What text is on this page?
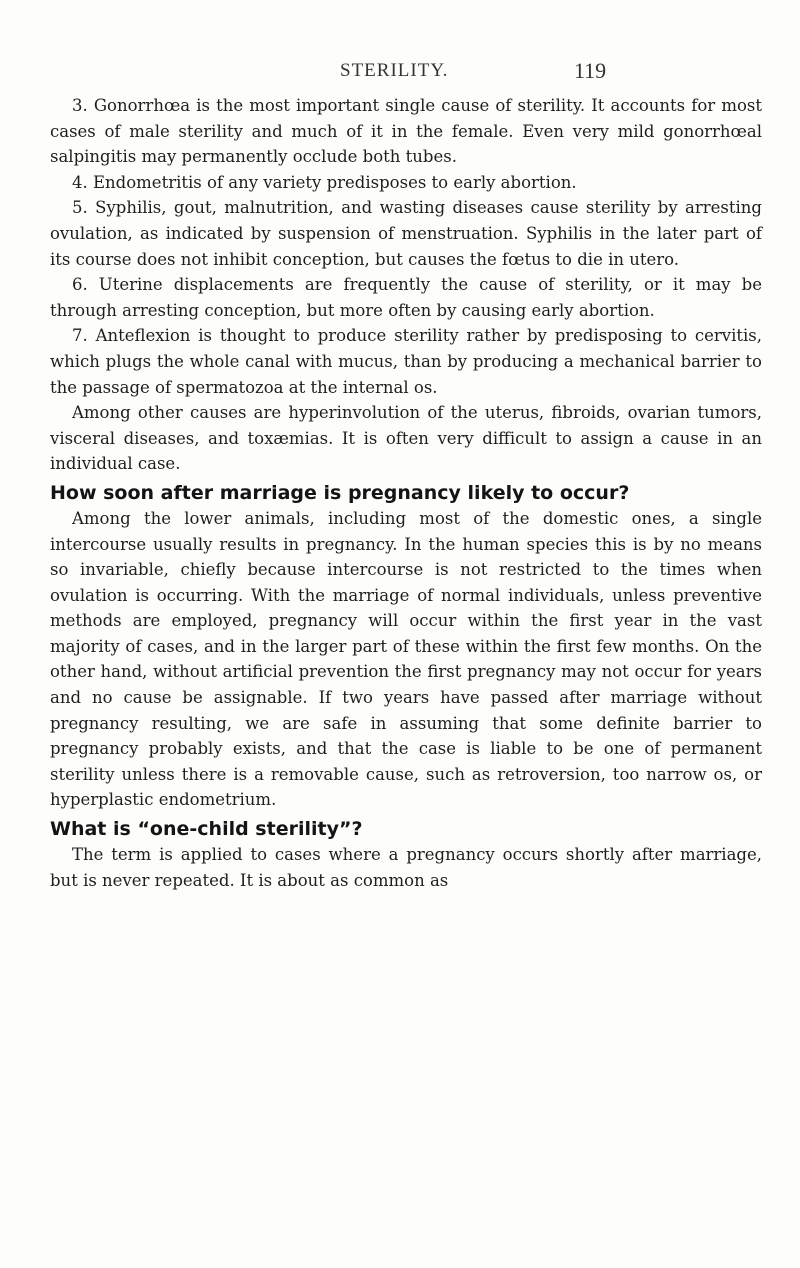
STERILITY.	119

3. Gonorrhœa is the most important single cause of sterility. It accounts for most cases of male sterility and much of it in the female. Even very mild gonorrhœal salpingitis may permanently occlude both tubes.

4. Endometritis of any variety predisposes to early abortion.

5. Syphilis, gout, malnutrition, and wasting diseases cause sterility by arresting ovulation, as indicated by suspension of menstruation. Syphilis in the later part of its course does not inhibit conception, but causes the fœtus to die in utero.

6. Uterine displacements are frequently the cause of sterility, or it may be through arresting conception, but more often by causing early abortion.

7. Anteflexion is thought to produce sterility rather by predisposing to cervitis, which plugs the whole canal with mucus, than by producing a mechanical barrier to the passage of spermatozoa at the internal os.

Among other causes are hyperinvolution of the uterus, fibroids, ovarian tumors, visceral diseases, and toxæmias. It is often very difficult to assign a cause in an individual case.

How soon after marriage is pregnancy likely to occur?

Among the lower animals, including most of the domestic ones, a single intercourse usually results in pregnancy. In the human species this is by no means so invariable, chiefly because intercourse is not restricted to the times when ovulation is occurring. With the marriage of normal individuals, unless preventive methods are employed, pregnancy will occur within the first year in the vast majority of cases, and in the larger part of these within the first few months. On the other hand, without artificial prevention the first pregnancy may not occur for years and no cause be assignable. If two years have passed after marriage without pregnancy resulting, we are safe in assuming that some definite barrier to pregnancy probably exists, and that the case is liable to be one of permanent sterility unless there is a removable cause, such as retroversion, too narrow os, or hyperplastic endometrium.

What is “one-child sterility”?

The term is applied to cases where a pregnancy occurs shortly after marriage, but is never repeated. It is about as common as
